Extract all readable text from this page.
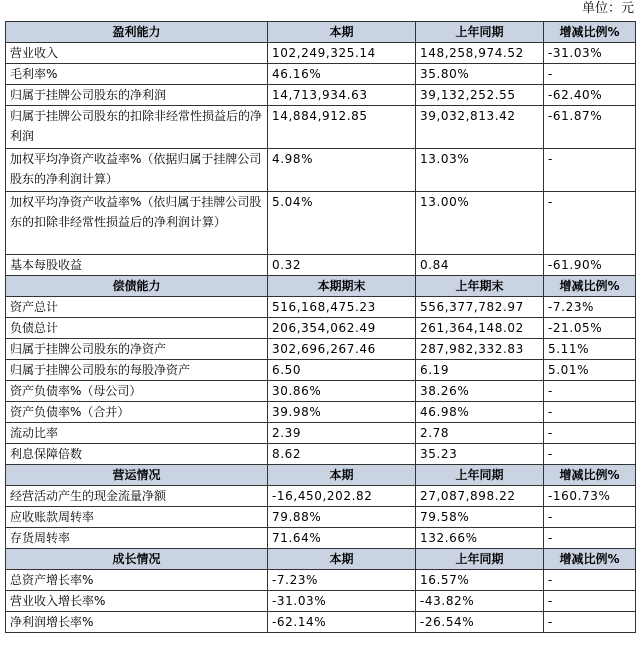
单位：元
盈利能力	本期	上年同期	增减比例%
营业收入	102,249,325.14	148,258,974.52	-31.03%
毛利率%	46.16%	35.80%	-
归属于挂牌公司股东的净利润	14,713,934.63	39,132,252.55	-62.40%
归属于挂牌公司股东的扣除非经常性损益后的净利润	14,884,912.85	39,032,813.42	-61.87%
加权平均净资产收益率%（依据归属于挂牌公司股东的净利润计算）	4.98%	13.03%	-
加权平均净资产收益率%（依归属于挂牌公司股东的扣除非经常性损益后的净利润计算）	5.04%	13.00%	-
基本每股收益	0.32	0.84	-61.90%
偿债能力	本期期末	上年期末	增减比例%
资产总计	516,168,475.23	556,377,782.97	-7.23%
负债总计	206,354,062.49	261,364,148.02	-21.05%
归属于挂牌公司股东的净资产	302,696,267.46	287,982,332.83	5.11%
归属于挂牌公司股东的每股净资产	6.50	6.19	5.01%
资产负债率%（母公司）	30.86%	38.26%	-
资产负债率%（合并）	39.98%	46.98%	-
流动比率	2.39	2.78	-
利息保障倍数	8.62	35.23	-
营运情况	本期	上年同期	增减比例%
经营活动产生的现金流量净额	-16,450,202.82	27,087,898.22	-160.73%
应收账款周转率	79.88%	79.58%	-
存货周转率	71.64%	132.66%	-
成长情况	本期	上年同期	增减比例%
总资产增长率%	-7.23%	16.57%	-
营业收入增长率%	-31.03%	-43.82%	-
净利润增长率%	-62.14%	-26.54%	-
